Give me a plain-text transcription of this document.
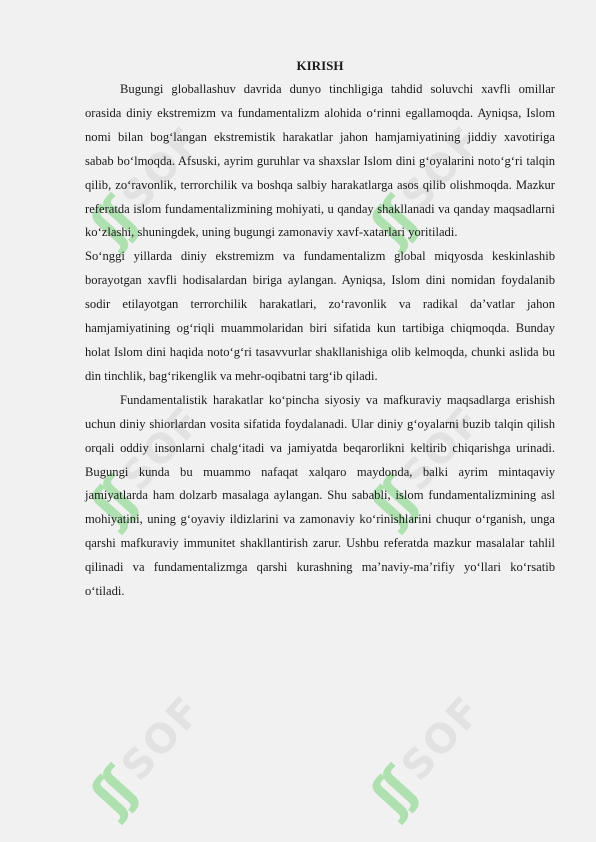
ʃʃ
SOF
ʃʃ
SOF
ʃʃ
SOF
ʃʃ
SOF
ʃʃ
SOF
ʃʃ
SOF
KIRISH

Bugungi globallashuv davrida dunyo tinchligiga tahdid soluvchi xavfli omillar orasida diniy ekstremizm va fundamentalizm alohida o‘rinni egallamoqda. Ayniqsa, Islom nomi bilan bog‘langan ekstremistik harakatlar jahon hamjamiyatining jiddiy xavotiriga sabab bo‘lmoqda. Afsuski, ayrim guruhlar va shaxslar Islom dini g‘oyalarini noto‘g‘ri talqin qilib, zo‘ravonlik, terrorchilik va boshqa salbiy harakatlarga asos qilib olishmoqda. Mazkur referatda islom fundamentalizmining mohiyati, u qanday shakllanadi va qanday maqsadlarni ko‘zlashi, shuningdek, uning bugungi zamonaviy xavf-xatarlari yoritiladi.

So‘nggi yillarda diniy ekstremizm va fundamentalizm global miqyosda keskinlashib borayotgan xavfli hodisalardan biriga aylangan. Ayniqsa, Islom dini nomidan foydalanib sodir etilayotgan terrorchilik harakatlari, zo‘ravonlik va radikal da’vatlar jahon hamjamiyatining og‘riqli muammolaridan biri sifatida kun tartibiga chiqmoqda. Bunday holat Islom dini haqida noto‘g‘ri tasavvurlar shakllanishiga olib kelmoqda, chunki aslida bu din tinchlik, bag‘rikenglik va mehr-oqibatni targ‘ib qiladi.

Fundamentalistik harakatlar ko‘pincha siyosiy va mafkuraviy maqsadlarga erishish uchun diniy shiorlardan vosita sifatida foydalanadi. Ular diniy g‘oyalarni buzib talqin qilish orqali oddiy insonlarni chalg‘itadi va jamiyatda beqarorlikni keltirib chiqarishga urinadi. Bugungi kunda bu muammo nafaqat xalqaro maydonda, balki ayrim mintaqaviy jamiyatlarda ham dolzarb masalaga aylangan. Shu sababli, islom fundamentalizmining asl mohiyatini, uning g‘oyaviy ildizlarini va zamonaviy ko‘rinishlarini chuqur o‘rganish, unga qarshi mafkuraviy immunitet shakllantirish zarur. Ushbu referatda mazkur masalalar tahlil qilinadi va fundamentalizmga qarshi kurashning ma’naviy-ma’rifiy yo‘llari ko‘rsatib o‘tiladi.
